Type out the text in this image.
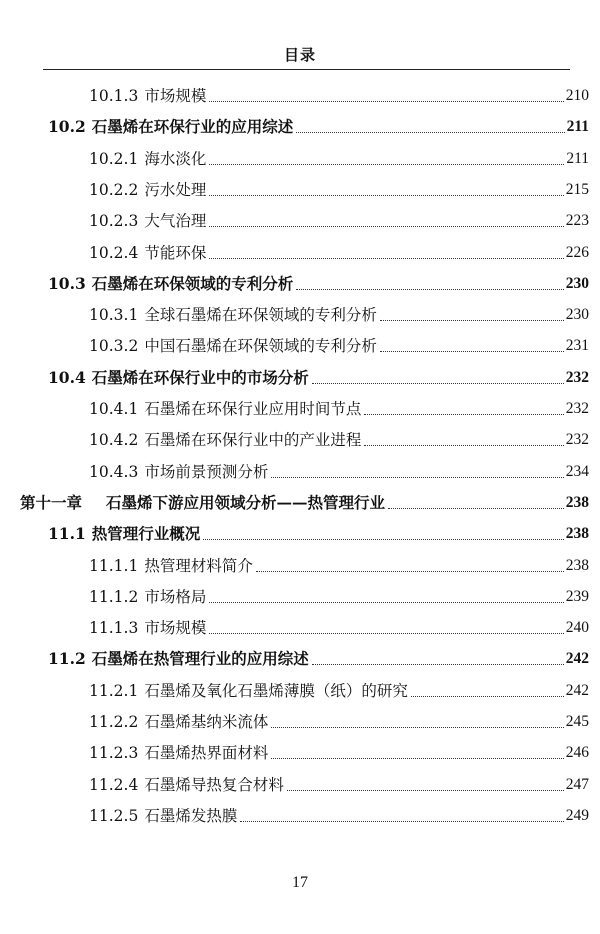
目录
10.1.3 市场规模	210
10.2 石墨烯在环保行业的应用综述	211
10.2.1 海水淡化	211
10.2.2 污水处理	215
10.2.3 大气治理	223
10.2.4 节能环保	226
10.3 石墨烯在环保领域的专利分析	230
10.3.1 全球石墨烯在环保领域的专利分析	230
10.3.2 中国石墨烯在环保领域的专利分析	231
10.4 石墨烯在环保行业中的市场分析	232
10.4.1 石墨烯在环保行业应用时间节点	232
10.4.2 石墨烯在环保行业中的产业进程	232
10.4.3 市场前景预测分析	234
第十一章 石墨烯下游应用领域分析——热管理行业	238
11.1 热管理行业概况	238
11.1.1 热管理材料简介	238
11.1.2 市场格局	239
11.1.3 市场规模	240
11.2 石墨烯在热管理行业的应用综述	242
11.2.1 石墨烯及氧化石墨烯薄膜（纸）的研究	242
11.2.2 石墨烯基纳米流体	245
11.2.3 石墨烯热界面材料	246
11.2.4 石墨烯导热复合材料	247
11.2.5 石墨烯发热膜	249
17
